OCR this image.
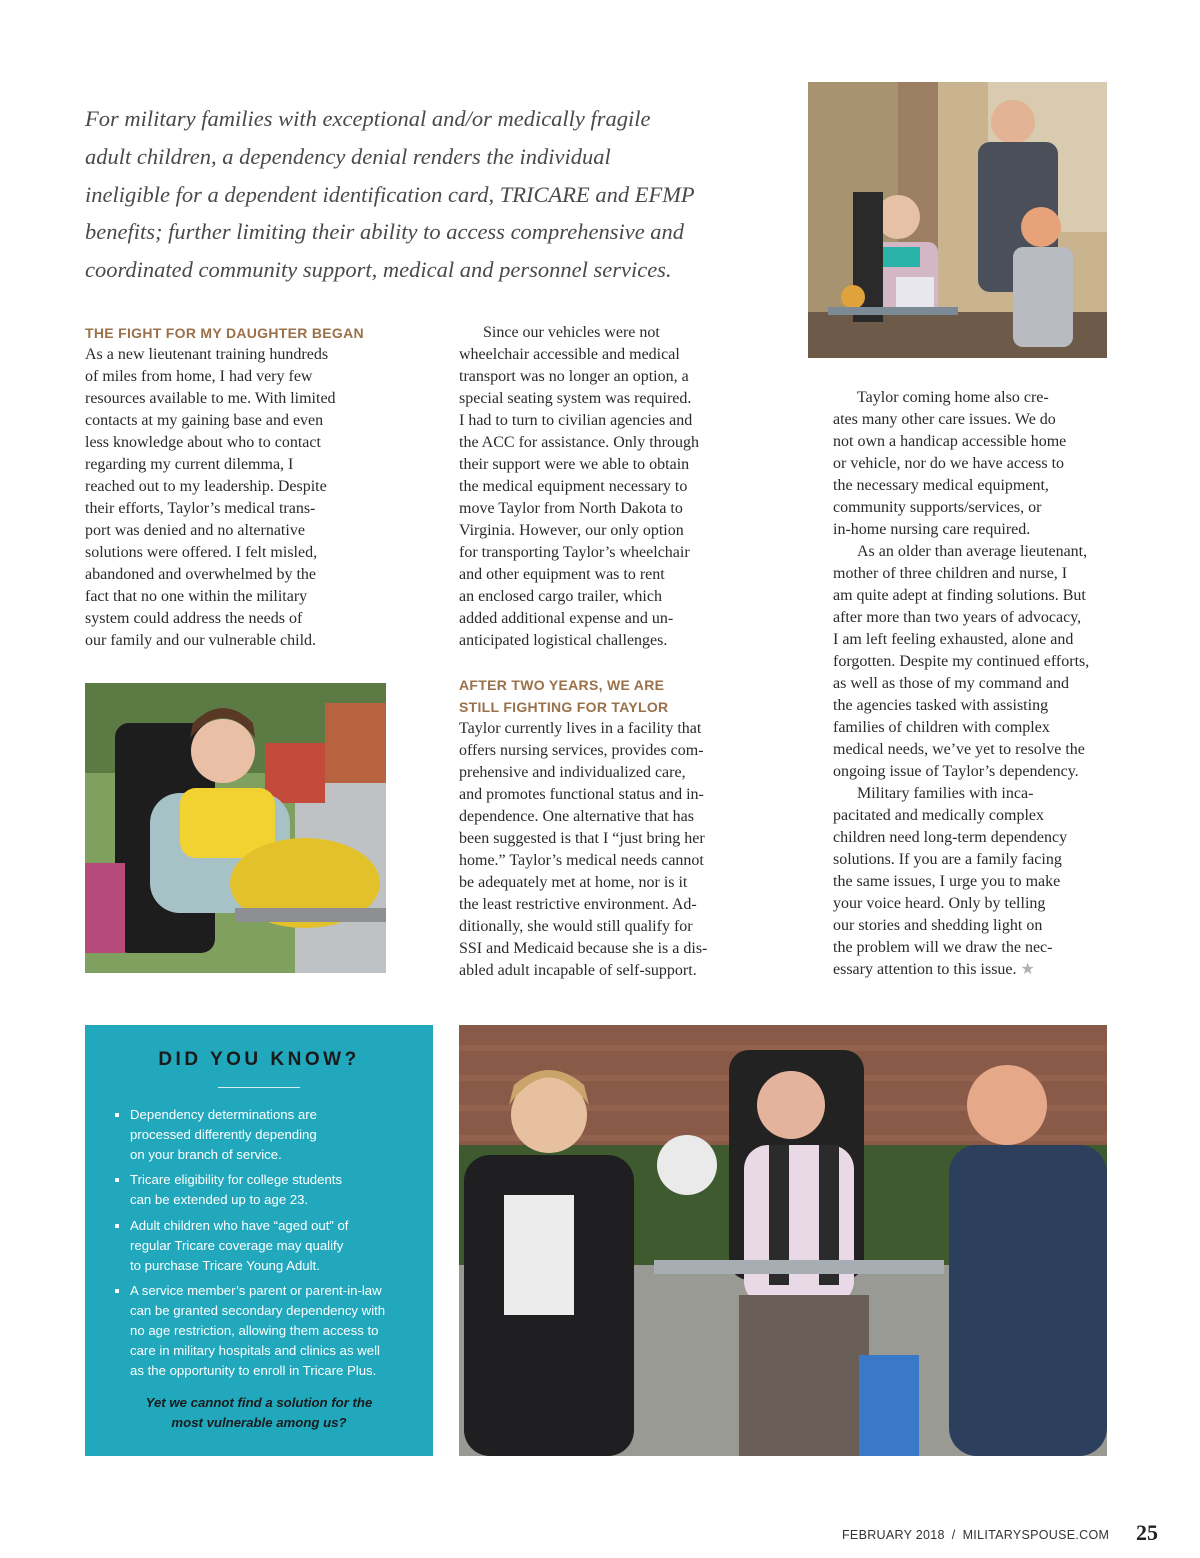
For military families with exceptional and/or medically fragile

adult children, a dependency denial renders the individual

ineligible for a dependent identification card, TRICARE and EFMP

benefits; further limiting their ability to access comprehensive and

coordinated community support, medical and personnel services.

THE FIGHT FOR MY DAUGHTER BEGAN

As a new lieutenant training hundreds
of miles from home, I had very few
resources available to me. With limited
contacts at my gaining base and even
less knowledge about who to contact
regarding my current dilemma, I
reached out to my leadership. Despite
their efforts, Taylor’s medical trans-
port was denied and no alternative
solutions were offered. I felt misled,
abandoned and overwhelmed by the
fact that no one within the military
system could address the needs of
our family and our vulnerable child.

Since our vehicles were not
wheelchair accessible and medical
transport was no longer an option, a
special seating system was required.
I had to turn to civilian agencies and
the ACC for assistance. Only through
their support were we able to obtain
the medical equipment necessary to
move Taylor from North Dakota to
Virginia. However, our only option
for transporting Taylor’s wheelchair
and other equipment was to rent
an enclosed cargo trailer, which
added additional expense and un-
anticipated logistical challenges.

AFTER TWO YEARS, WE ARE
STILL FIGHTING FOR TAYLOR

Taylor currently lives in a facility that
offers nursing services, provides com-
prehensive and individualized care,
and promotes functional status and in-
dependence. One alternative that has
been suggested is that I “just bring her
home.” Taylor’s medical needs cannot
be adequately met at home, nor is it
the least restrictive environment. Ad-
ditionally, she would still qualify for
SSI and Medicaid because she is a dis-
abled adult incapable of self-support.

Taylor coming home also cre-
ates many other care issues. We do
not own a handicap accessible home
or vehicle, nor do we have access to
the necessary medical equipment,
community supports/services, or
in-home nursing care required.

As an older than average lieutenant,
mother of three children and nurse, I
am quite adept at finding solutions. But
after more than two years of advocacy,
I am left feeling exhausted, alone and
forgotten. Despite my continued efforts,
as well as those of my command and
the agencies tasked with assisting
families of children with complex
medical needs, we’ve yet to resolve the
ongoing issue of Taylor’s dependency.

Military families with inca-
pacitated and medically complex
children need long-term dependency
solutions. If you are a family facing
the same issues, I urge you to make
your voice heard. Only by telling
our stories and shedding light on
the problem will we draw the nec-
essary attention to this issue. ★

DID YOU KNOW?
Dependency determinations are
processed differently depending
on your branch of service.
Tricare eligibility for college students
can be extended up to age 23.
Adult children who have “aged out” of
regular Tricare coverage may qualify
to purchase Tricare Young Adult.
A service member’s parent or parent-in-law
can be granted secondary dependency with
no age restriction, allowing them access to
care in military hospitals and clinics as well
as the opportunity to enroll in Tricare Plus.
Yet we cannot find a solution for the
most vulnerable among us?
FEBRUARY 2018 / MILITARYSPOUSE.COM 25
